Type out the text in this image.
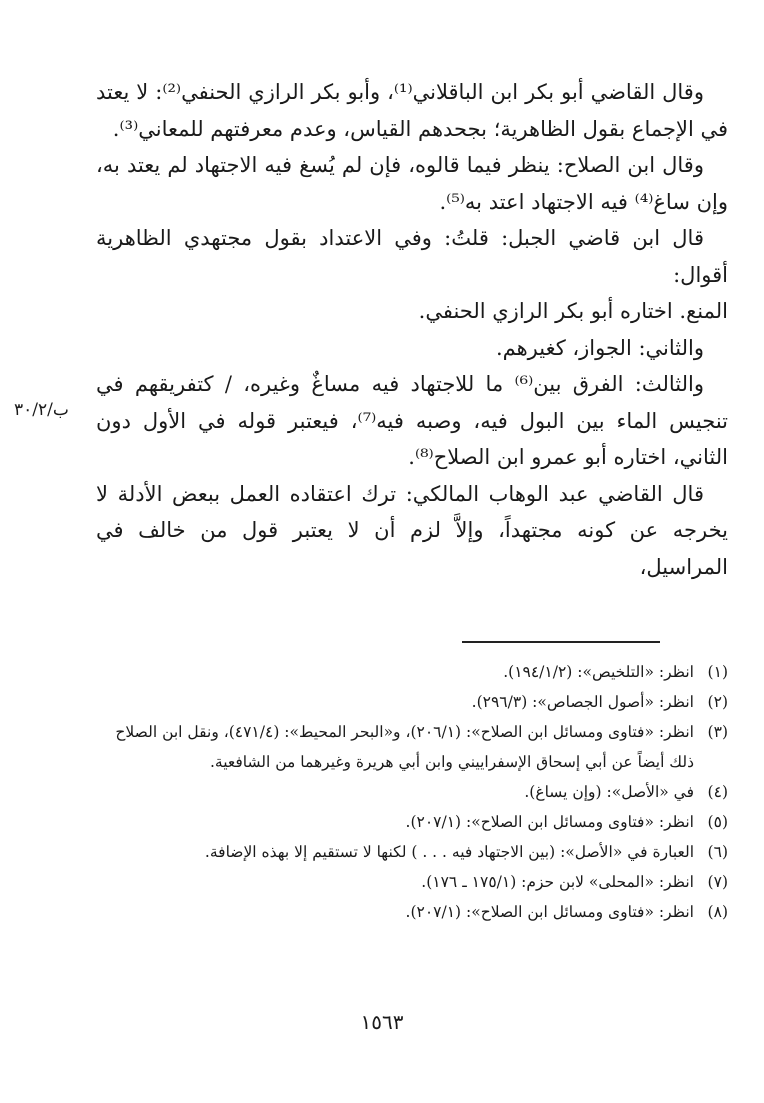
وقال القاضي أبو بكر ابن الباقلاني⁽¹⁾، وأبو بكر الرازي الحنفي⁽²⁾: لا يعتد في الإجماع بقول الظاهرية؛ بجحدهم القياس، وعدم معرفتهم للمعاني⁽³⁾.

وقال ابن الصلاح: ينظر فيما قالوه، فإن لم يُسغ فيه الاجتهاد لم يعتد به، وإن ساغ⁽⁴⁾ فيه الاجتهاد اعتد به⁽⁵⁾.

قال ابن قاضي الجبل: قلتُ: وفي الاعتداد بقول مجتهدي الظاهرية أقوال:

المنع. اختاره أبو بكر الرازي الحنفي.

والثاني: الجواز، كغيرهم.

والثالث: الفرق بين⁽⁶⁾ ما للاجتهاد فيه مساغٌ وغيره، / كتفريقهم في تنجيس الماء بين البول فيه، وصبه فيه⁽⁷⁾، فيعتبر قوله في الأول دون الثاني، اختاره أبو عمرو ابن الصلاح⁽⁸⁾.

قال القاضي عبد الوهاب المالكي: ترك اعتقاده العمل ببعض الأدلة لا يخرجه عن كونه مجتهداً، وإلاَّ لزم أن لا يعتبر قول من خالف في المراسيل،

ب/٣٠/٢
(١)
انظر: «التلخيص»: (١٩٤/١/٢).
(٢)
انظر: «أصول الجصاص»: (٢٩٦/٣).
(٣)
انظر: «فتاوى ومسائل ابن الصلاح»: (٢٠٦/١)، و«البحر المحيط»: (٤٧١/٤)، ونقل ابن الصلاح ذلك أيضاً عن أبي إسحاق الإسفراييني وابن أبي هريرة وغيرهما من الشافعية.
(٤)
في «الأصل»: (وإن يساغ).
(٥)
انظر: «فتاوى ومسائل ابن الصلاح»: (٢٠٧/١).
(٦)
العبارة في «الأصل»: (بين الاجتهاد فيه . . . ) لكنها لا تستقيم إلا بهذه الإضافة.
(٧)
انظر: «المحلى» لابن حزم: (١٧٥/١ ـ ١٧٦).
(٨)
انظر: «فتاوى ومسائل ابن الصلاح»: (٢٠٧/١).
١٥٦٣
